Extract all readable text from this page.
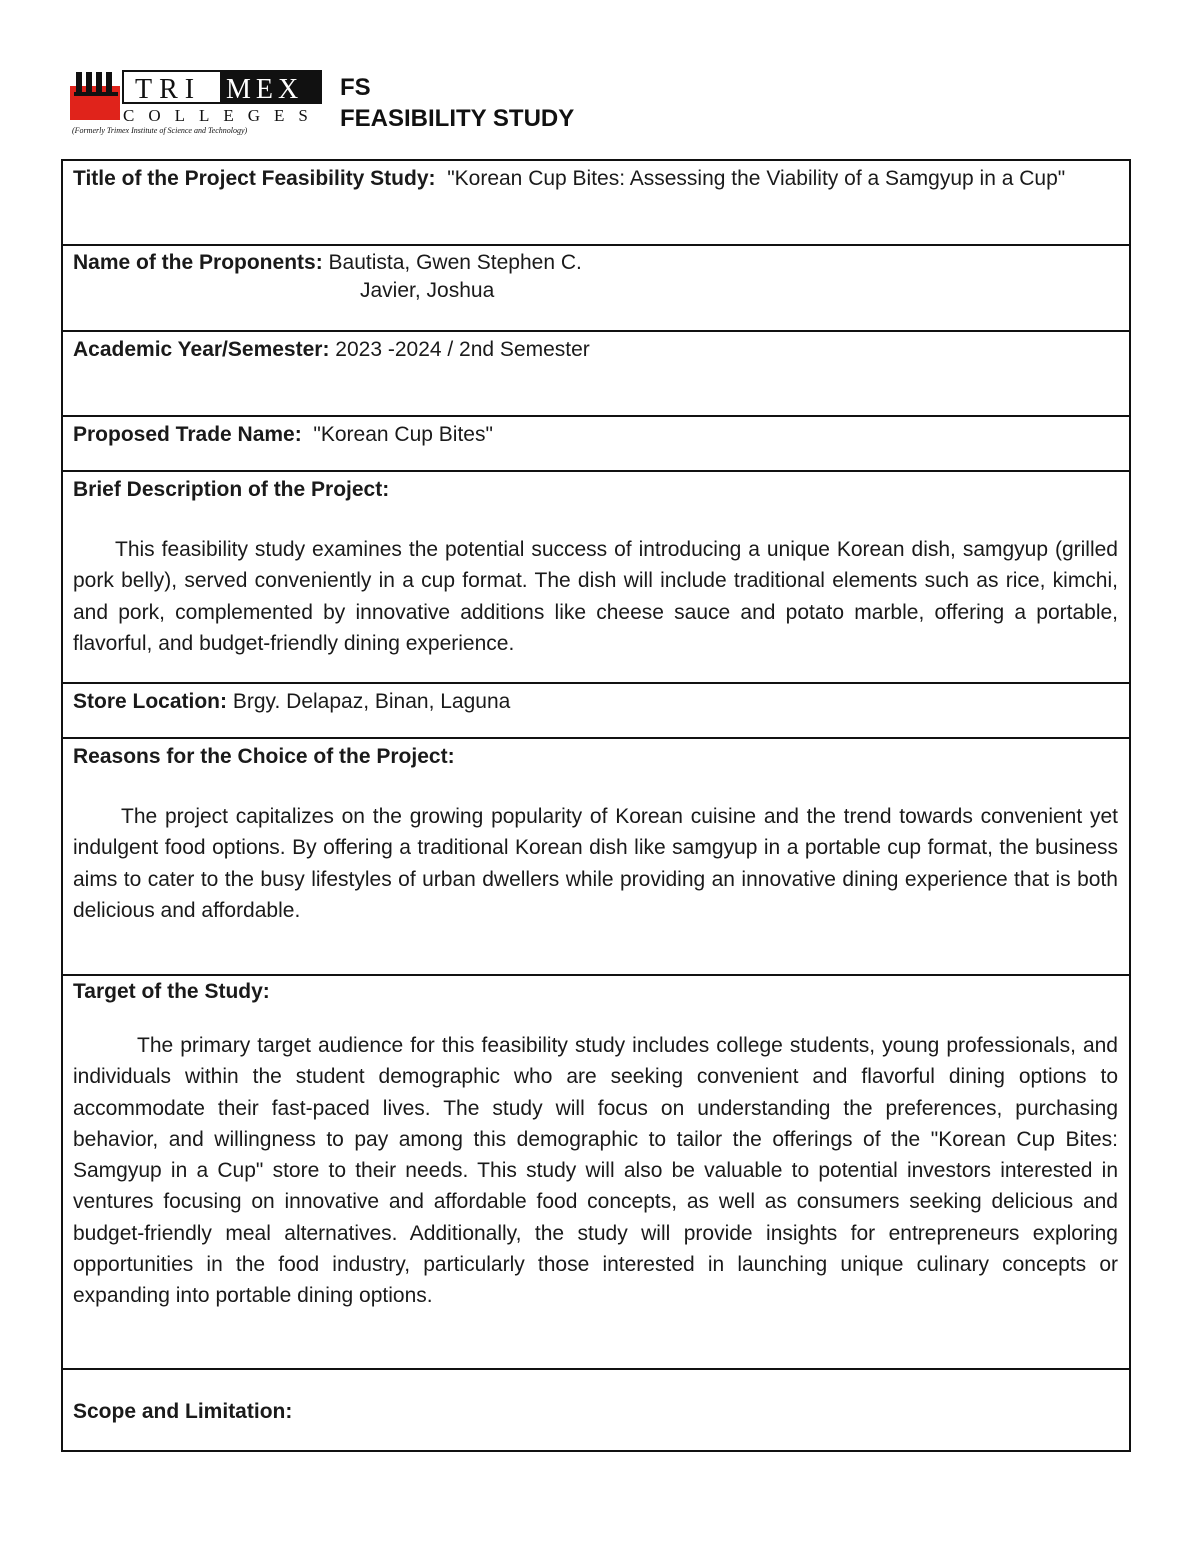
TRI MEX
COLLEGES
(Formerly Trimex Institute of Science and Technology)
FS
FEASIBILITY STUDY
Title of the Project Feasibility Study: "Korean Cup Bites: Assessing the Viability of a Samgyup in a Cup"
Name of the Proponents: Bautista, Gwen Stephen C.
Javier, Joshua
Academic Year/Semester: 2023 -2024 / 2nd Semester
Proposed Trade Name: "Korean Cup Bites"
Brief Description of the Project:

This feasibility study examines the potential success of introducing a unique Korean dish, samgyup (grilled pork belly), served conveniently in a cup format. The dish will include traditional elements such as rice, kimchi, and pork, complemented by innovative additions like cheese sauce and potato marble, offering a portable, flavorful, and budget-friendly dining experience.

Store Location: Brgy. Delapaz, Binan, Laguna
Reasons for the Choice of the Project:

The project capitalizes on the growing popularity of Korean cuisine and the trend towards convenient yet indulgent food options. By offering a traditional Korean dish like samgyup in a portable cup format, the business aims to cater to the busy lifestyles of urban dwellers while providing an innovative dining experience that is both delicious and affordable.

Target of the Study:

The primary target audience for this feasibility study includes college students, young professionals, and individuals within the student demographic who are seeking convenient and flavorful dining options to accommodate their fast-paced lives. The study will focus on understanding the preferences, purchasing behavior, and willingness to pay among this demographic to tailor the offerings of the "Korean Cup Bites: Samgyup in a Cup" store to their needs. This study will also be valuable to potential investors interested in ventures focusing on innovative and affordable food concepts, as well as consumers seeking delicious and budget-friendly meal alternatives. Additionally, the study will provide insights for entrepreneurs exploring opportunities in the food industry, particularly those interested in launching unique culinary concepts or expanding into portable dining options.

Scope and Limitation:
